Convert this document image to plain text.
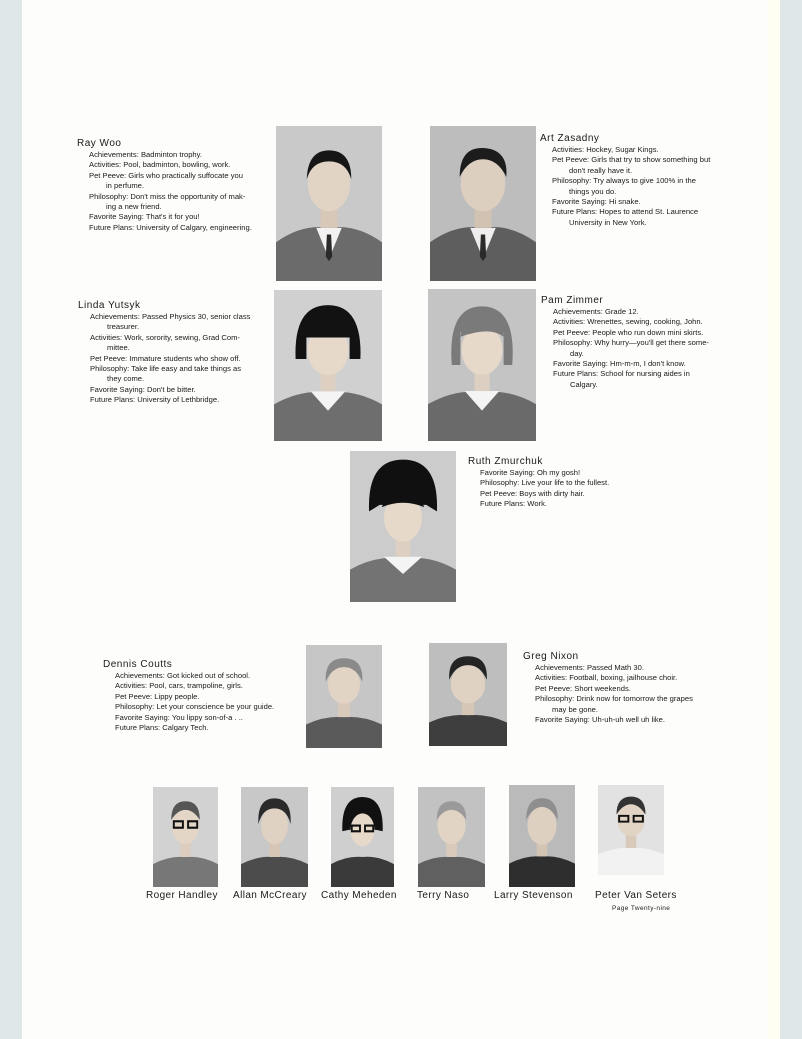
Ray Woo
Achievements: Badminton trophy.
Activities: Pool, badminton, bowling, work.
Pet Peeve: Girls who practically suffocate you
in perfume.
Philosophy: Don't miss the opportunity of mak-
ing a new friend.
Favorite Saying: That's it for you!
Future Plans: University of Calgary, engineering.
Art Zasadny
Activities: Hockey, Sugar Kings.
Pet Peeve: Girls that try to show something but
don't really have it.
Philosophy: Try always to give 100% in the
things you do.
Favorite Saying: Hi snake.
Future Plans: Hopes to attend St. Laurence
University in New York.
Linda Yutsyk
Achievements: Passed Physics 30, senior class
treasurer.
Activities: Work, sorority, sewing, Grad Com-
mittee.
Pet Peeve: Immature students who show off.
Philosophy: Take life easy and take things as
they come.
Favorite Saying: Don't be bitter.
Future Plans: University of Lethbridge.
Pam Zimmer
Achievements: Grade 12.
Activities: Wrenettes, sewing, cooking, John.
Pet Peeve: People who run down mini skirts.
Philosophy: Why hurry—you'll get there some-
day.
Favorite Saying: Hm-m-m, I don't know.
Future Plans: School for nursing aides in
Calgary.
Ruth Zmurchuk
Favorite Saying: Oh my gosh!
Philosophy: Live your life to the fullest.
Pet Peeve: Boys with dirty hair.
Future Plans: Work.
Dennis Coutts
Achievements: Got kicked out of school.
Activities: Pool, cars, trampoline, girls.
Pet Peeve: Lippy people.
Philosophy: Let your conscience be your guide.
Favorite Saying: You lippy son-of-a . ..
Future Plans: Calgary Tech.
Greg Nixon
Achievements: Passed Math 30.
Activities: Football, boxing, jailhouse choir.
Pet Peeve: Short weekends.
Philosophy: Drink now for tomorrow the grapes
may be gone.
Favorite Saying: Uh-uh-uh well uh like.
Roger Handley Allan McCreary Cathy Meheden Terry Naso Larry Stevenson Peter Van Seters
Page Twenty-nine
